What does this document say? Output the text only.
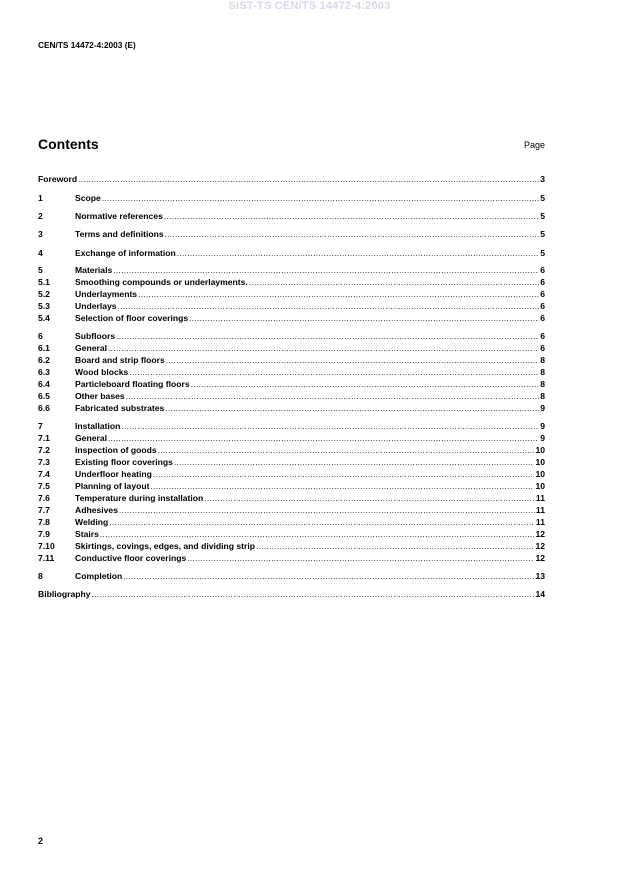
SIST-TS CEN/TS 14472-4:2003
CEN/TS 14472-4:2003 (E)
Contents	Page
Foreword .....	3
1	Scope .....	5
2	Normative references .....	5
3	Terms and definitions .....	5
4	Exchange of information .....	5
5	Materials .....	6
5.1	Smoothing compounds or underlayments. .....	6
5.2	Underlayments .....	6
5.3	Underlays .....	6
5.4	Selection of floor coverings .....	6
6	Subfloors .....	6
6.1	General .....	6
6.2	Board and strip floors .....	8
6.3	Wood blocks .....	8
6.4	Particleboard floating floors .....	8
6.5	Other bases .....	8
6.6	Fabricated substrates .....	9
7	Installation .....	9
7.1	General .....	9
7.2	Inspection of goods .....	10
7.3	Existing floor coverings .....	10
7.4	Underfloor heating .....	10
7.5	Planning of layout .....	10
7.6	Temperature during installation .....	11
7.7	Adhesives .....	11
7.8	Welding .....	11
7.9	Stairs .....	12
7.10	Skirtings, covings, edges, and dividing strip .....	12
7.11	Conductive floor coverings .....	12
8	Completion .....	13
Bibliography .....	14
2
